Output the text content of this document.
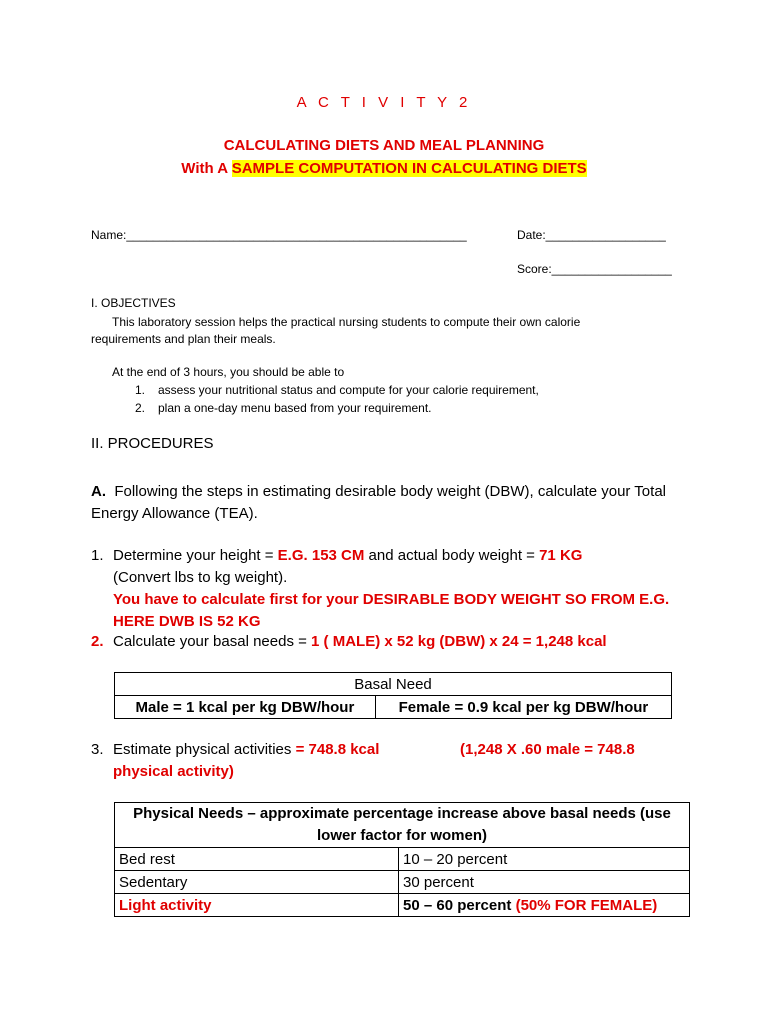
A C T I V I T Y 2
CALCULATING DIETS AND MEAL PLANNING
With A SAMPLE COMPUTATION IN CALCULATING DIETS
Name:___________________________________________________	Date:__________________
Score:__________________
I. OBJECTIVES
This laboratory session helps the practical nursing students to compute their own calorie requirements and plan their meals.
At the end of 3 hours, you should be able to
1. assess your nutritional status and compute for your calorie requirement,
2. plan a one-day menu based from your requirement.
II. PROCEDURES
A. Following the steps in estimating desirable body weight (DBW), calculate your Total Energy Allowance (TEA).
1. Determine your height = E.G. 153 CM and actual body weight = 71 KG
(Convert lbs to kg weight).
You have to calculate first for your DESIRABLE BODY WEIGHT SO FROM E.G. HERE DWB IS 52 KG
2. Calculate your basal needs = 1 ( MALE) x 52 kg (DBW) x 24 = 1,248 kcal
Basal Need
Male = 1 kcal per kg DBW/hour	Female = 0.9 kcal per kg DBW/hour
3. Estimate physical activities = 748.8 kcal	(1,248 X .60 male = 748.8
physical activity)
Physical Needs – approximate percentage increase above basal needs (use lower factor for women)	
Bed rest	10 – 20 percent
Sedentary	30 percent
Light activity	50 – 60 percent (50% FOR FEMALE)
